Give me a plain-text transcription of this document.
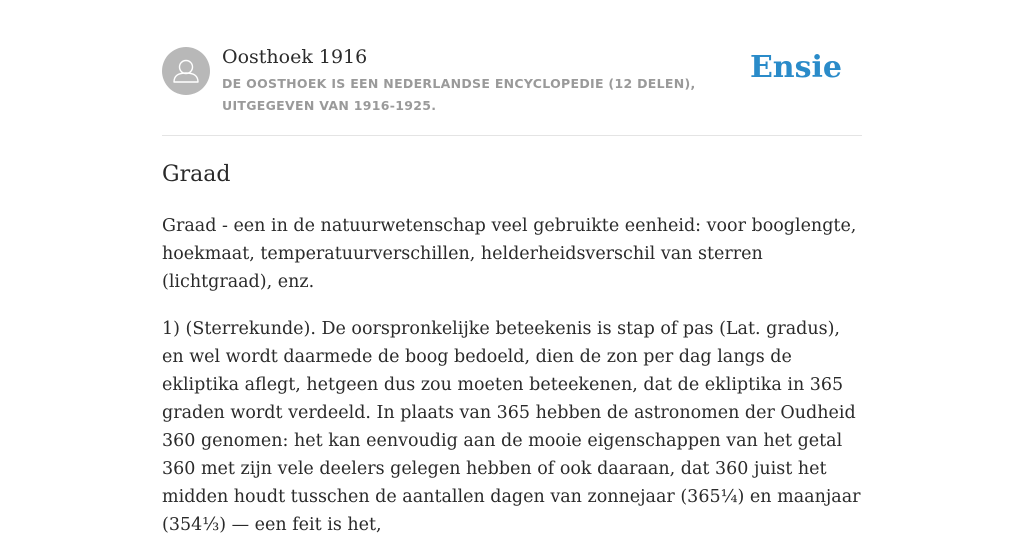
Oosthoek 1916
DE OOSTHOEK IS EEN NEDERLANDSE ENCYCLOPEDIE (12 DELEN), UITGEGEVEN VAN 1916-1925.
Ensie
Graad

Graad - een in de natuurwetenschap veel gebruikte eenheid: voor booglengte, hoekmaat, temperatuurverschillen, helderheidsverschil van sterren (lichtgraad), enz.

1) (Sterrekunde). De oorspronkelijke beteekenis is stap of pas (Lat. gradus), en wel wordt daarmede de boog bedoeld, dien de zon per dag langs de ekliptika aflegt, hetgeen dus zou moeten beteekenen, dat de ekliptika in 365 graden wordt verdeeld. In plaats van 365 hebben de astronomen der Oudheid 360 genomen: het kan eenvoudig aan de mooie eigenschappen van het getal 360 met zijn vele deelers gelegen hebben of ook daaraan, dat 360 juist het midden houdt tusschen de aantallen dagen van zonnejaar (365¼) en maanjaar (354⅓) — een feit is het,
